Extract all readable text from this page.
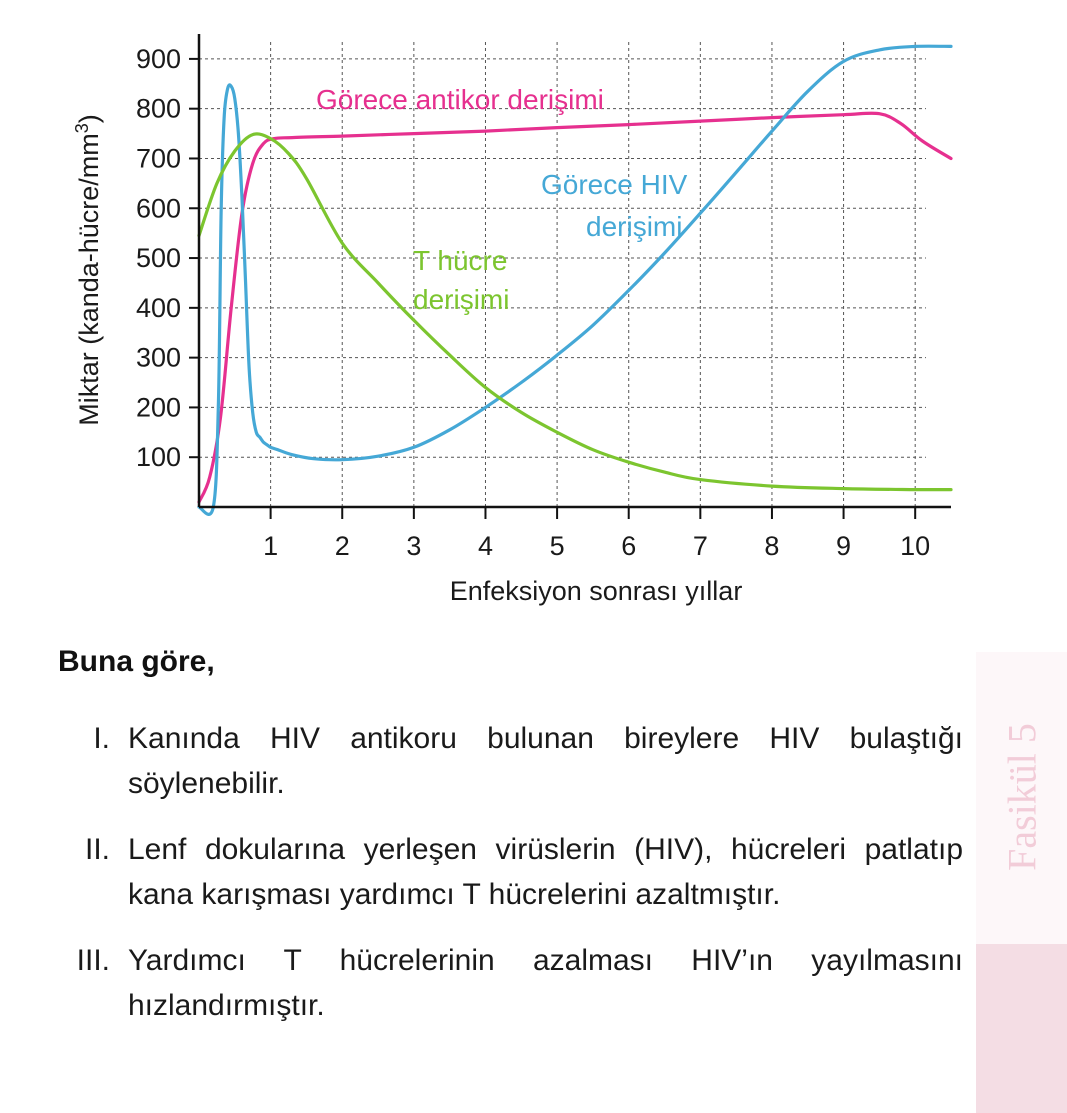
100
200
300
400
500
600
700
800
900
1 2 3 4 5 6 7 8 9 10
Enfeksiyon sonrası yıllar
Miktar $(kanda-hücre/mm^3)$
Görece antikor derişimi
Görece HIV
derişimi
T hücre
derişimi
Buna göre,
I. Kanında HIV antikoru bulunan bireylere HIV bulaştığı söylenebilir.
II. Lenf dokularına yerleşen virüslerin (HIV), hücreleri patlatıp kana karışması yardımcı T hücrelerini azaltmıştır.
III. Yardımcı T hücrelerinin azalması HIV’ın yayılmasını hızlandırmıştır.
Fasikül 5
